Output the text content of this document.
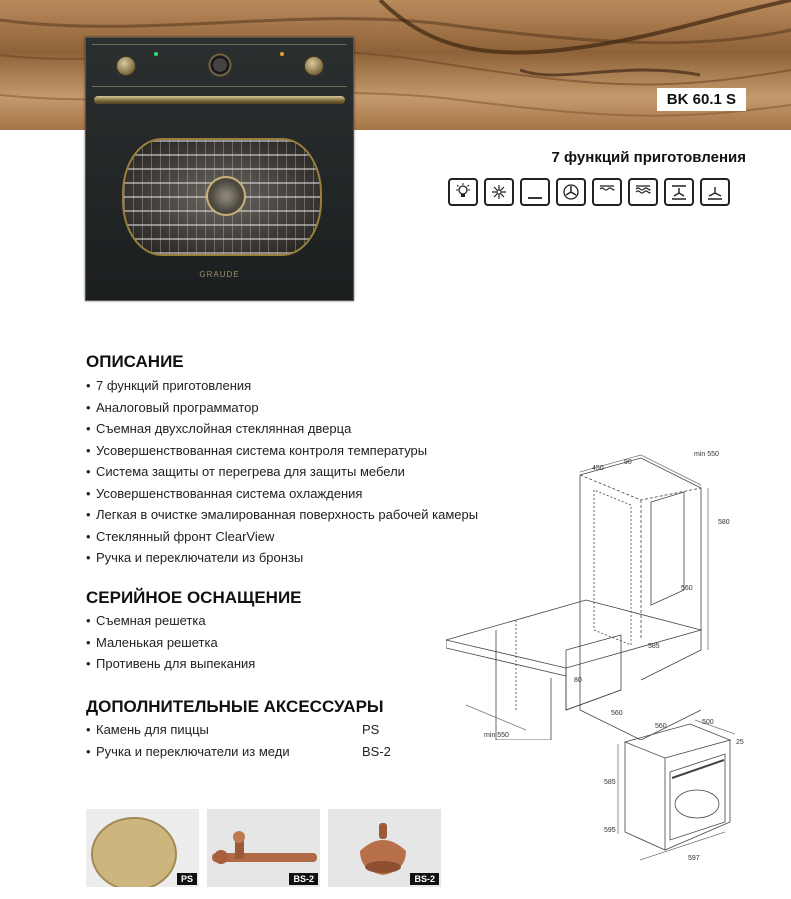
BK 60.1 S
GRAUDE
7 функций приготовления
ОПИСАНИЕ
• 7 функций приготовления
• Аналоговый программатор
• Съемная двухслойная стеклянная дверца
• Усовершенствованная система контроля температуры
• Система защиты от перегрева для защиты мебели
• Усовершенствованная система охлаждения
• Легкая в очистке эмалированная поверхность рабочей камеры
• Стеклянный фронт ClearView
• Ручка и переключатели из бронзы
СЕРИЙНОЕ ОСНАЩЕНИЕ
• Съемная решетка
• Маленькая решетка
• Противень для выпекания
ДОПОЛНИТЕЛЬНЫЕ АКСЕССУАРЫ
• Камень для пиццы	PS
• Ручка и переключатели из меди	BS-2
PS	BS-2	BS-2
450
90
min 550
580
560
585
min 550
560
80
560
500
25
595
585
597
